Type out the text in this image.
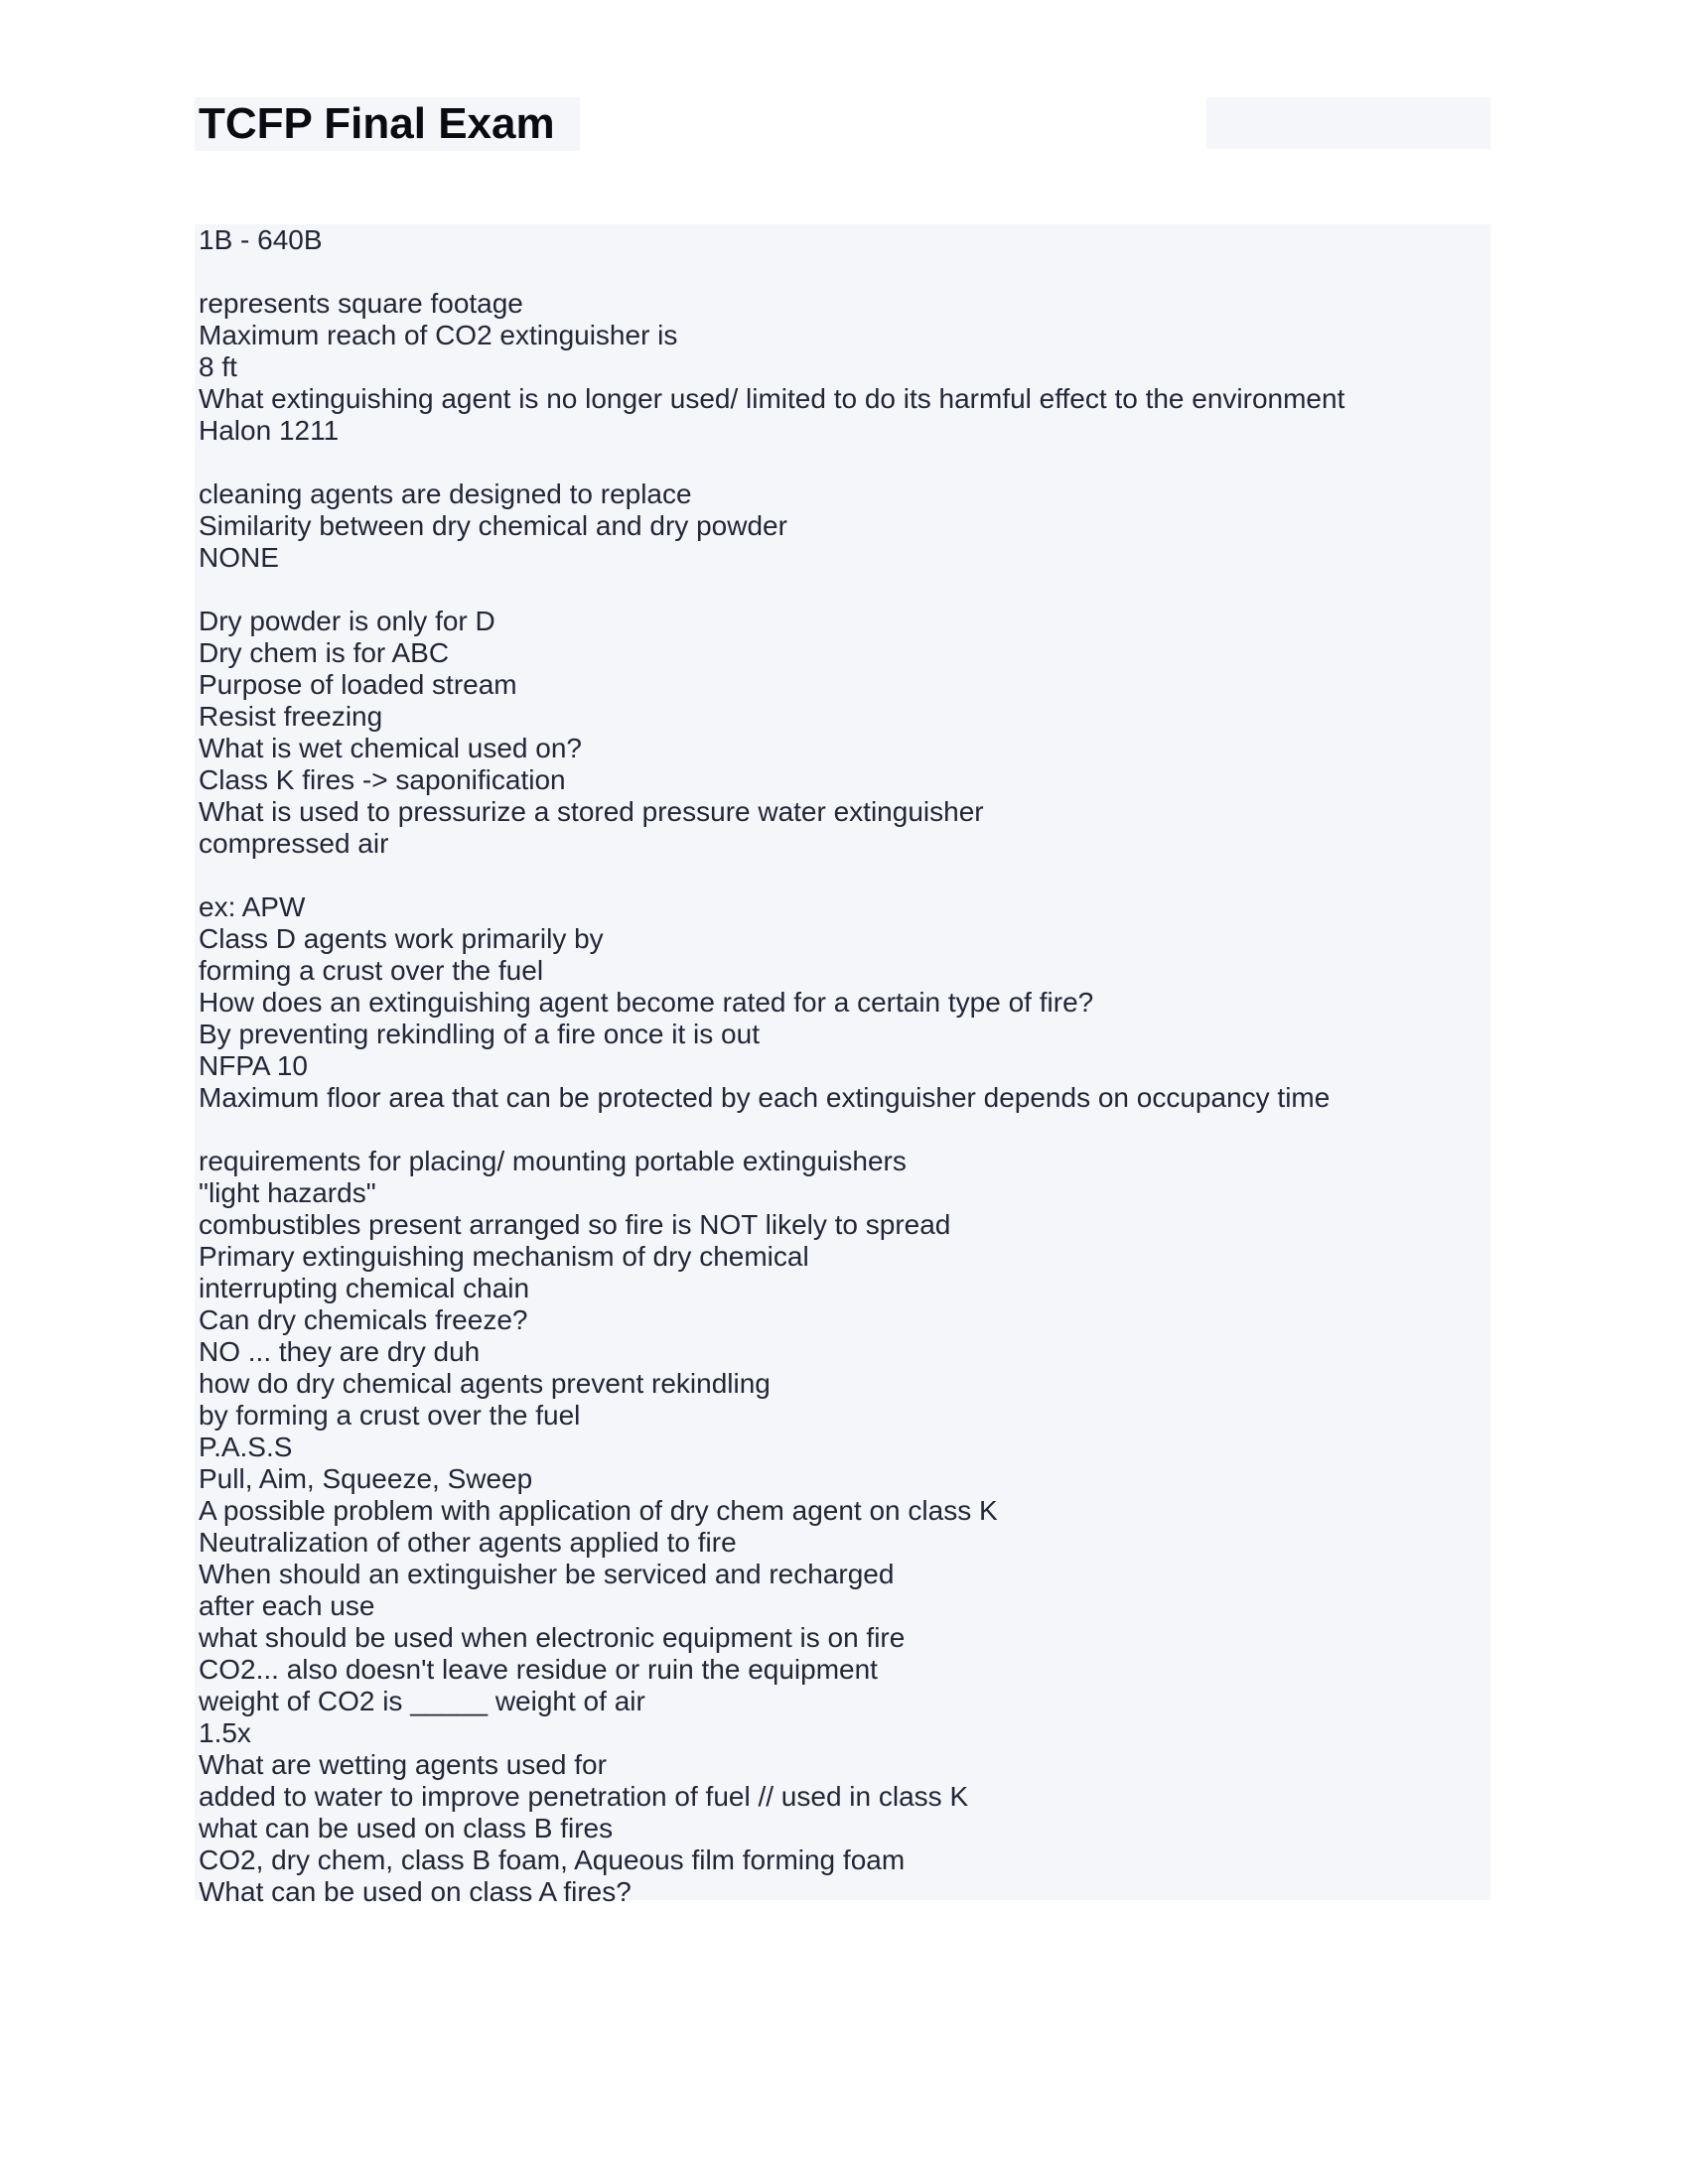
TCFP Final Exam
1B - 640B
represents square footage
Maximum reach of CO2 extinguisher is
8 ft
What extinguishing agent is no longer used/ limited to do its harmful effect to the environment
Halon 1211
cleaning agents are designed to replace
Similarity between dry chemical and dry powder
NONE
Dry powder is only for D
Dry chem is for ABC
Purpose of loaded stream
Resist freezing
What is wet chemical used on?
Class K fires -> saponification
What is used to pressurize a stored pressure water extinguisher
compressed air
ex: APW
Class D agents work primarily by
forming a crust over the fuel
How does an extinguishing agent become rated for a certain type of fire?
By preventing rekindling of a fire once it is out
NFPA 10
Maximum floor area that can be protected by each extinguisher depends on occupancy time
requirements for placing/ mounting portable extinguishers
"light hazards"
combustibles present arranged so fire is NOT likely to spread
Primary extinguishing mechanism of dry chemical
interrupting chemical chain
Can dry chemicals freeze?
NO ... they are dry duh
how do dry chemical agents prevent rekindling
by forming a crust over the fuel
P.A.S.S
Pull, Aim, Squeeze, Sweep
A possible problem with application of dry chem agent on class K
Neutralization of other agents applied to fire
When should an extinguisher be serviced and recharged
after each use
what should be used when electronic equipment is on fire
CO2... also doesn't leave residue or ruin the equipment
weight of CO2 is _____ weight of air
1.5x
What are wetting agents used for
added to water to improve penetration of fuel // used in class K
what can be used on class B fires
CO2, dry chem, class B foam, Aqueous film forming foam
What can be used on class A fires?
